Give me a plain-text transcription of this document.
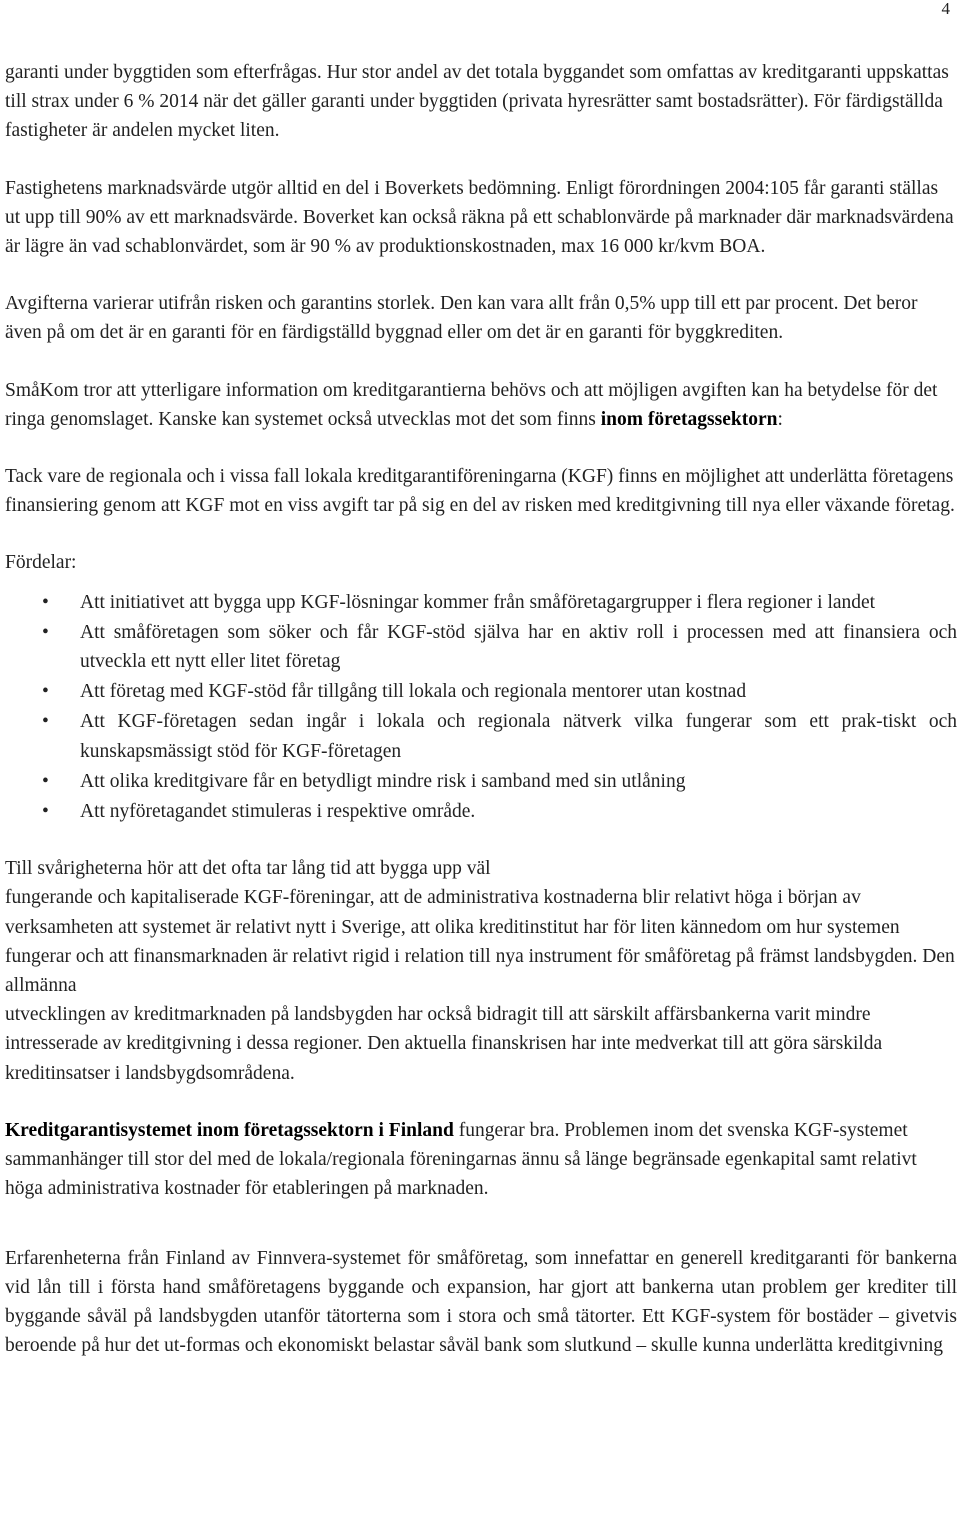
4

garanti under byggtiden som efterfrågas. Hur stor andel av det totala byggandet som omfattas av kreditgaranti uppskattas till strax under 6 % 2014 när det gäller garanti under byggtiden (privata hyresrätter samt bostadsrätter). För färdigställda fastigheter är andelen mycket liten.

Fastighetens marknadsvärde utgör alltid en del i Boverkets bedömning. Enligt förordningen 2004:105 får garanti ställas ut upp till 90% av ett marknadsvärde. Boverket kan också räkna på ett schablonvärde på marknader där marknadsvärdena är lägre än vad schablonvärdet, som är 90 % av produktionskostnaden, max 16 000 kr/kvm BOA.

Avgifterna varierar utifrån risken och garantins storlek. Den kan vara allt från 0,5% upp till ett par procent. Det beror även på om det är en garanti för en färdigställd byggnad eller om det är en garanti för byggkrediten.

SmåKom tror att ytterligare information om kreditgarantierna behövs och att möjligen avgiften kan ha betydelse för det ringa genomslaget. Kanske kan systemet också utvecklas mot det som finns inom företagssektorn:

Tack vare de regionala och i vissa fall lokala kreditgarantiföreningarna (KGF) finns en möjlighet att underlätta företagens finansiering genom att KGF mot en viss avgift tar på sig en del av risken med kreditgivning till nya eller växande företag.

Fördelar:
• Att initiativet att bygga upp KGF-lösningar kommer från småföretagargrupper i flera regioner i landet
• Att småföretagen som söker och får KGF-stöd själva har en aktiv roll i processen med att finansiera och utveckla ett nytt eller litet företag
• Att företag med KGF-stöd får tillgång till lokala och regionala mentorer utan kostnad
• Att KGF-företagen sedan ingår i lokala och regionala nätverk vilka fungerar som ett prak-tiskt och kunskapsmässigt stöd för KGF-företagen
• Att olika kreditgivare får en betydligt mindre risk i samband med sin utlåning
• Att nyföretagandet stimuleras i respektive område.

Till svårigheterna hör att det ofta tar lång tid att bygga upp väl
fungerande och kapitaliserade KGF-föreningar, att de administrativa kostnaderna blir relativt höga i början av verksamheten att systemet är relativt nytt i Sverige, att olika kreditinstitut har för liten kännedom om hur systemen fungerar och att finansmarknaden är relativt rigid i relation till nya instrument för småföretag på främst landsbygden. Den allmänna
utvecklingen av kreditmarknaden på landsbygden har också bidragit till att särskilt affärsbankerna varit mindre intresserade av kreditgivning i dessa regioner. Den aktuella finanskrisen har inte medverkat till att göra särskilda kreditinsatser i landsbygdsområdena.

Kreditgarantisystemet inom företagssektorn i Finland fungerar bra. Problemen inom det svenska KGF-systemet sammanhänger till stor del med de lokala/regionala föreningarnas ännu så länge begränsade egenkapital samt relativt höga administrativa kostnader för etableringen på marknaden.

Erfarenheterna från Finland av Finnvera-systemet för småföretag, som innefattar en generell kreditgaranti för bankerna vid lån till i första hand småföretagens byggande och expansion, har gjort att bankerna utan problem ger krediter till byggande såväl på landsbygden utanför tätorterna som i stora och små tätorter. Ett KGF-system för bostäder – givetvis beroende på hur det ut-formas och ekonomiskt belastar såväl bank som slutkund – skulle kunna underlätta kreditgivning
